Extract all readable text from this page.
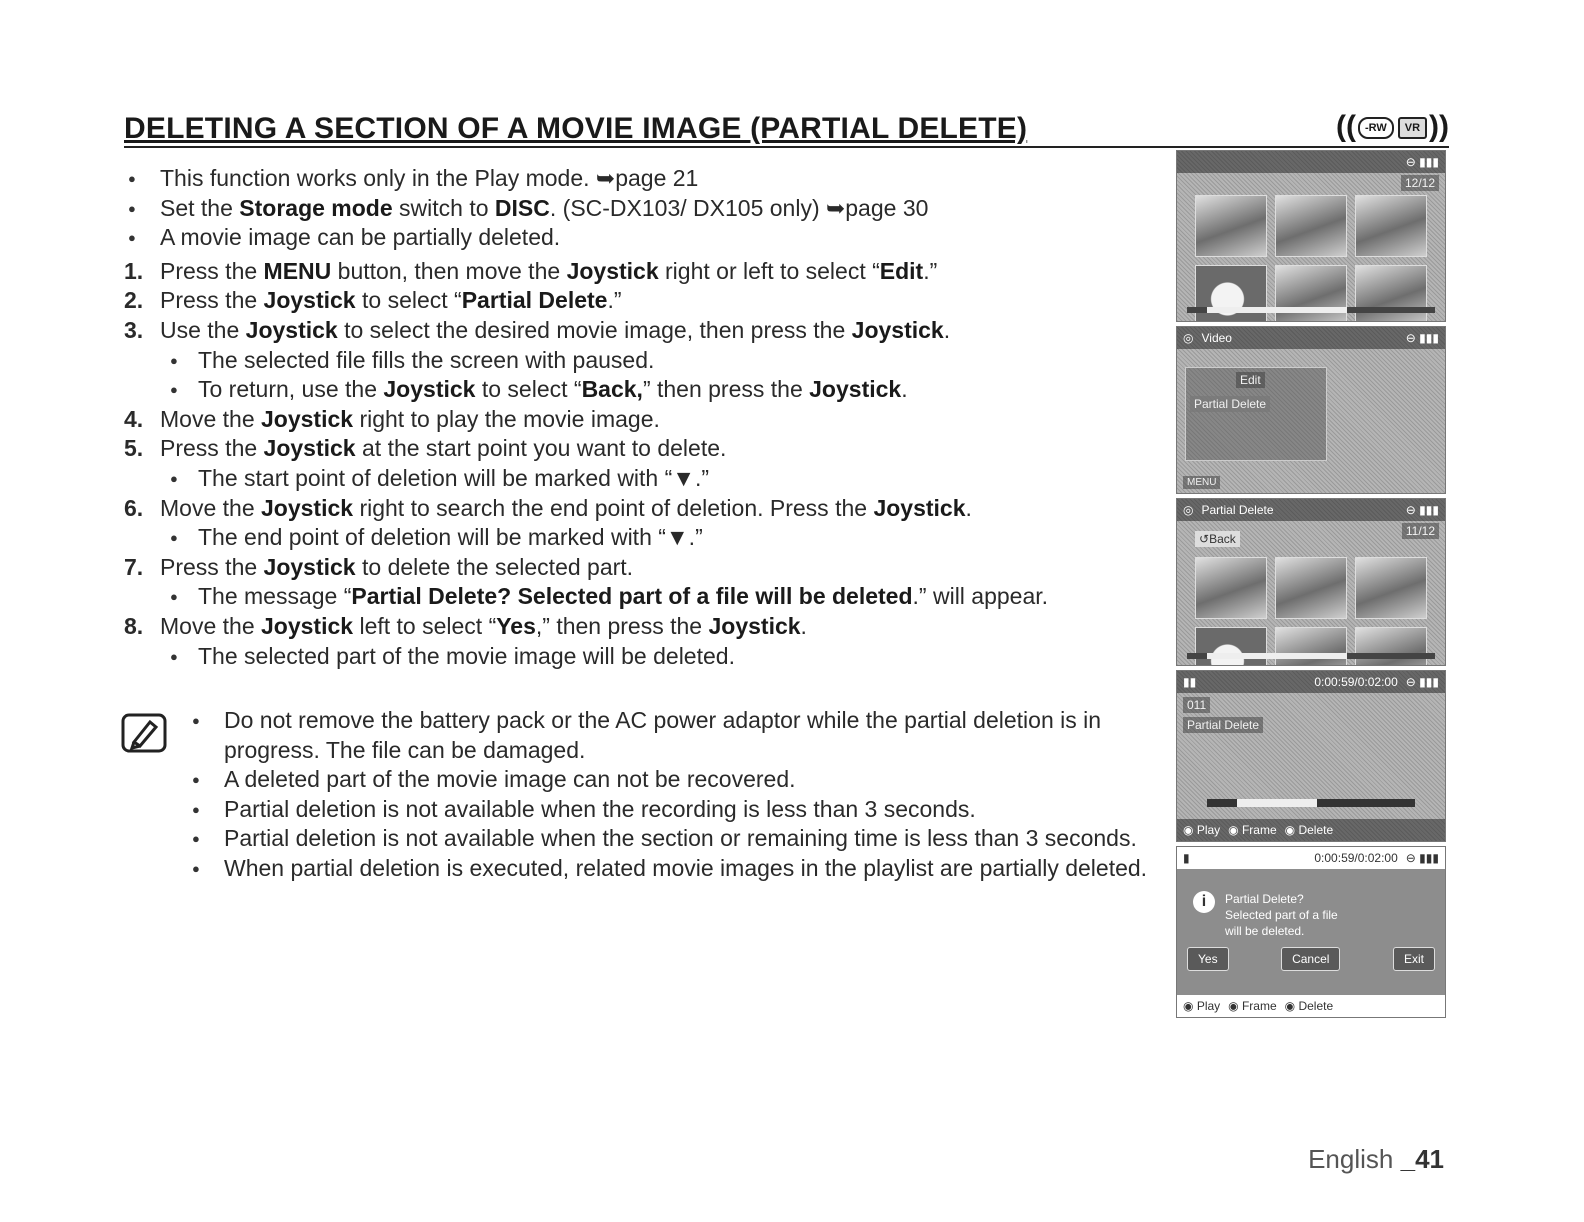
DELETING A SECTION OF A MOVIE IMAGE (PARTIAL DELETE)	(( -RW VR ))
● This function works only in the Play mode. ➥page 21
● Set the Storage mode switch to DISC. (SC-DX103/ DX105 only) ➥page 30
● A movie image can be partially deleted.
1. Press the MENU button, then move the Joystick right or left to select “Edit.”
2. Press the Joystick to select “Partial Delete.”
3. Use the Joystick to select the desired movie image, then press the Joystick.
● The selected file fills the screen with paused.
● To return, use the Joystick to select “Back,” then press the Joystick.
4. Move the Joystick right to play the movie image.
5. Press the Joystick at the start point you want to delete.
● The start point of deletion will be marked with “▼.”
6. Move the Joystick right to search the end point of deletion. Press the Joystick.
● The end point of deletion will be marked with “▼.”
7. Press the Joystick to delete the selected part.
● The message “Partial Delete? Selected part of a file will be deleted.” will appear.
8. Move the Joystick left to select “Yes,” then press the Joystick.
● The selected part of the movie image will be deleted.
● Do not remove the battery pack or the AC power adaptor while the partial deletion is in progress. The file can be damaged.
● A deleted part of the movie image can not be recovered.
● Partial deletion is not available when the recording is less than 3 seconds.
● Partial deletion is not available when the section or remaining time is less than 3 seconds.
● When partial deletion is executed, related movie images in the playlist are partially deleted.
⊖ ▮▮▮
12/12
◎ Video	⊖ ▮▮▮
Edit
Partial Delete
MENU
◎ Partial Delete	⊖ ▮▮▮
↺Back
11/12
▮▮	0:00:59/0:02:00 ⊖ ▮▮▮
011
Partial Delete
◉ Play ◉ Frame ◉ Delete
▮	0:00:59/0:02:00 ⊖ ▮▮▮
i	Partial Delete?
Selected part of a file
will be deleted.
Yes	Cancel	Exit
◉ Play ◉ Frame ◉ Delete
English _41
